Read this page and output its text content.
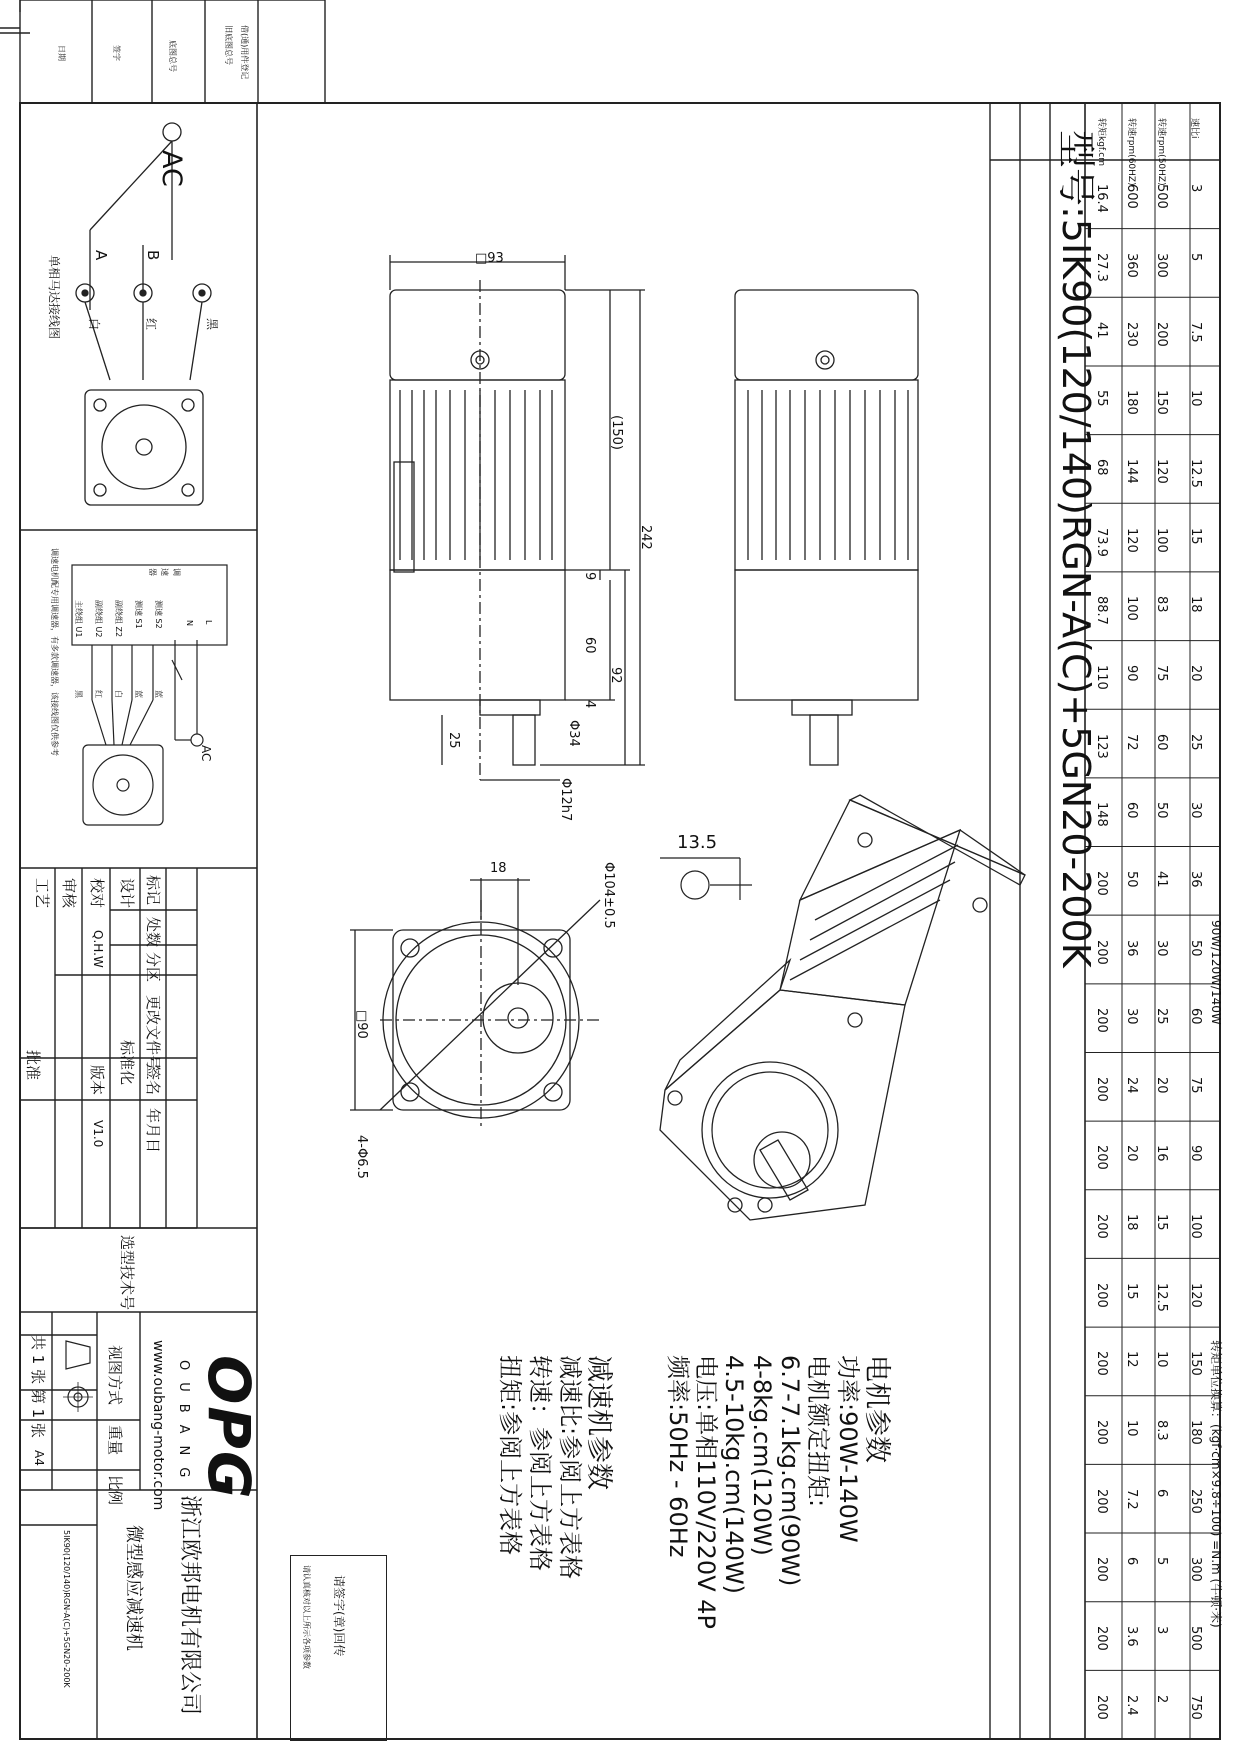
型号:5IK90(120/140)RGN-A(C)+5GN20-200K
速比i
转速rpm(50HZ)
转速rpm(60HZ)
转矩kgf.cm
3
5
7.5
10
12.5
15
18
20
25
30
36
50
60
75
90
100
120
150
180
250
300
500
750
500
300
200
150
120
100
83
75
60
50
41
30
25
20
16
15
12.5
10
8.3
6
5
3
2
600
360
230
180
144
120
100
90
72
60
50
36
30
24
20
18
15
12
10
7.2
6
3.6
2.4
16.4
27.3
41
55
68
73.9
88.7
110
123
148
200
200
200
200
200
200
200
200
200
200
200
200
200
90W/120W/140W
转矩单位换算：(kgf·cm×9.8÷100) =N.m (牛顿·米)
电机参数
功率:90W-140W
电机额定扭矩:
6.7-7.1kg.cm(90W)
4-8kg.cm(120W)
4.5-10kg.cm(140W)
电压:单相110V/220V 4P
频率:50Hz - 60Hz
减速机参数
减速比:参阅上方表格
转速：参阅上方表格
扭矩:参阅上方表格
□93
(150)
242
9
60
92
4
Φ34
25
Φ12h7
13.5
18	Φ104±0.5
□90
4-Φ6.5
AC
A B
黑
红
白
单相马达接线图
AC
L
N
调
速
器
测速 S2
测速 S1
副绕组 Z2
副绕组 U2
主绕组 U1
蓝
蓝
白
红
黑
调速电机配专用调速器，有多款调速器，该接线图仅供参考
借(通)用件登记
旧底图总号
底图总号
签字
日期
标记
处数
分区
更改文件号
签名
年月日
设计
校对
审核
工艺
Q.H.W
标准化
版本
V1.0
批准
选型技术号
OPG
OUBANG
www.oubang-motor.com
浙江欧邦电机有限公司
微型感应减速机
5IK90(120/140)RGN-A(C)+5GN20-200K
视图方式
重量
比例
共 1 张 第 1 张
A4
请签字(章)回传
请认真核对以上所示各项参数
